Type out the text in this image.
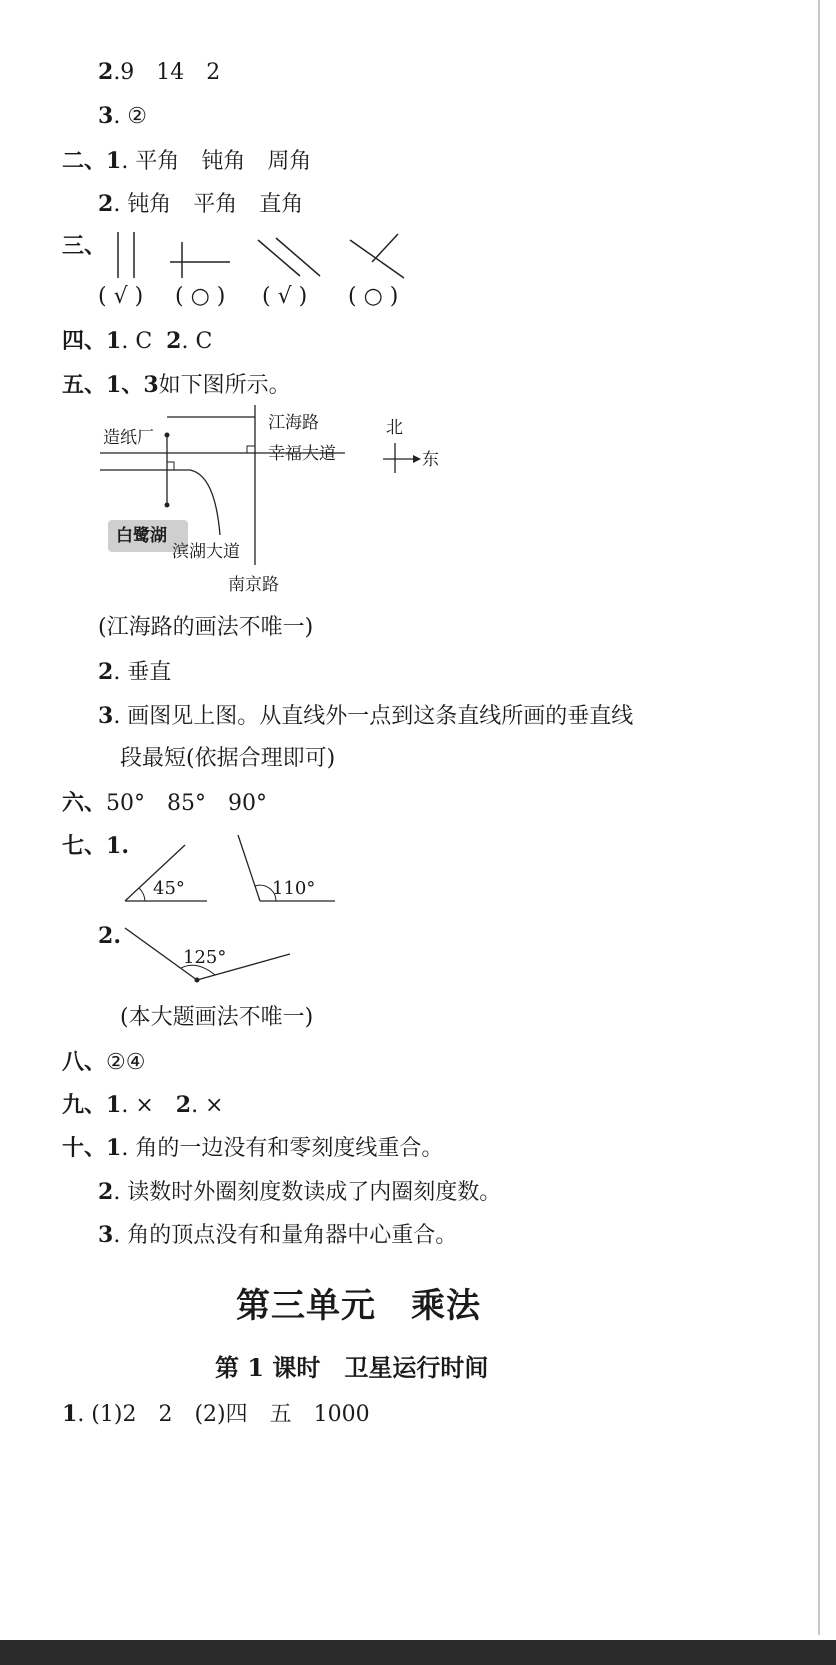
2.9　14　2
3. ②
二、1. 平角　钝角　周角
2. 钝角　平角　直角
三、
( √ ) ( ○ ) ( √ ) ( ○ )
四、1. C 2. C
五、1、3如下图所示。
造纸厂
江海路
幸福大道
白鹭湖
滨湖大道
南京路
北
东
(江海路的画法不唯一)
2. 垂直
3. 画图见上图。从直线外一点到这条直线所画的垂直线
段最短(依据合理即可)
六、50°　85°　90°
七、1.
45°	110°
2.
125°
(本大题画法不唯一)
八、②④
九、1. ×　2. ×
十、1. 角的一边没有和零刻度线重合。
2. 读数时外圈刻度数读成了内圈刻度数。
3. 角的顶点没有和量角器中心重合。
第三单元　乘法
第 1 课时　卫星运行时间
1. (1)2　2　(2)四　五　1000
